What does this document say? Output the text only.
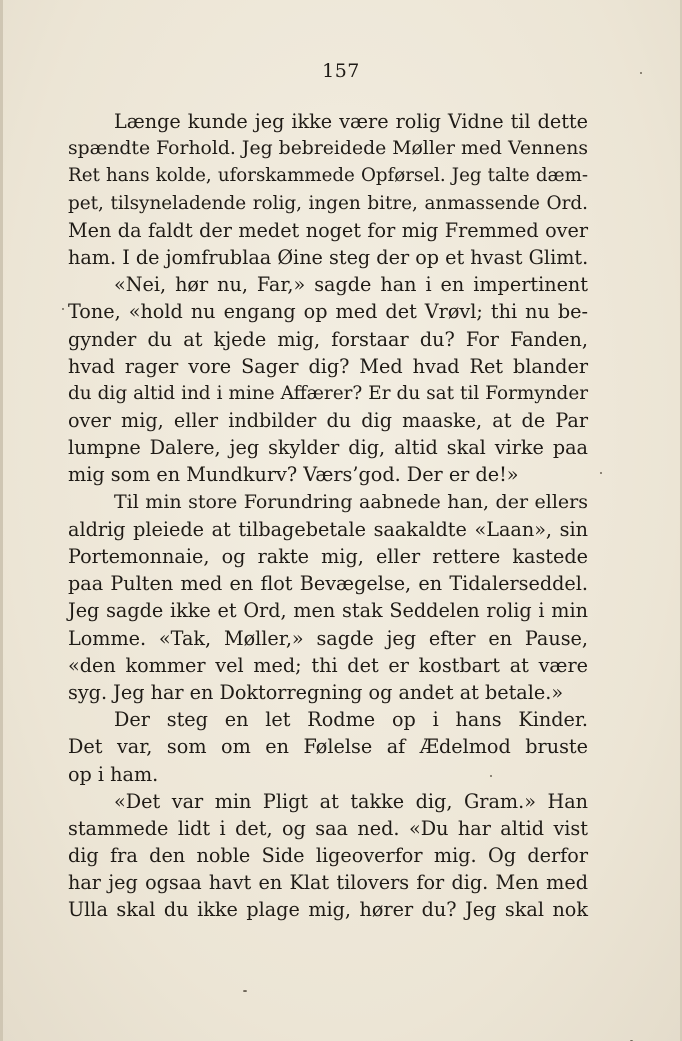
157
Længe kunde jeg ikke være rolig Vidne til dette
spændte Forhold. Jeg bebreidede Møller med Vennens
Ret hans kolde, uforskammede Opførsel. Jeg talte dæm-
pet, tilsyneladende rolig, ingen bitre, anmassende Ord.
Men da faldt der medet noget for mig Fremmed over
ham. I de jomfrublaa Øine steg der op et hvast Glimt.
«Nei, hør nu, Far,» sagde han i en impertinent
Tone, «hold nu engang op med det Vrøvl; thi nu be-
gynder du at kjede mig, forstaar du? For Fanden,
hvad rager vore Sager dig? Med hvad Ret blander
du dig altid ind i mine Affærer? Er du sat til Formynder
over mig, eller indbilder du dig maaske, at de Par
lumpne Dalere, jeg skylder dig, altid skal virke paa
mig som en Mundkurv? Værs’god. Der er de!»
Til min store Forundring aabnede han, der ellers
aldrig pleiede at tilbagebetale saakaldte «Laan», sin
Portemonnaie, og rakte mig, eller rettere kastede
paa Pulten med en flot Bevægelse, en Tidalerseddel.
Jeg sagde ikke et Ord, men stak Seddelen rolig i min
Lomme. «Tak, Møller,» sagde jeg efter en Pause,
«den kommer vel med; thi det er kostbart at være
syg. Jeg har en Doktorregning og andet at betale.»
Der steg en let Rodme op i hans Kinder.
Det var, som om en Følelse af Ædelmod bruste
op i ham.
«Det var min Pligt at takke dig, Gram.» Han
stammede lidt i det, og saa ned. «Du har altid vist
dig fra den noble Side ligeoverfor mig. Og derfor
har jeg ogsaa havt en Klat tilovers for dig. Men med
Ulla skal du ikke plage mig, hører du? Jeg skal nok
